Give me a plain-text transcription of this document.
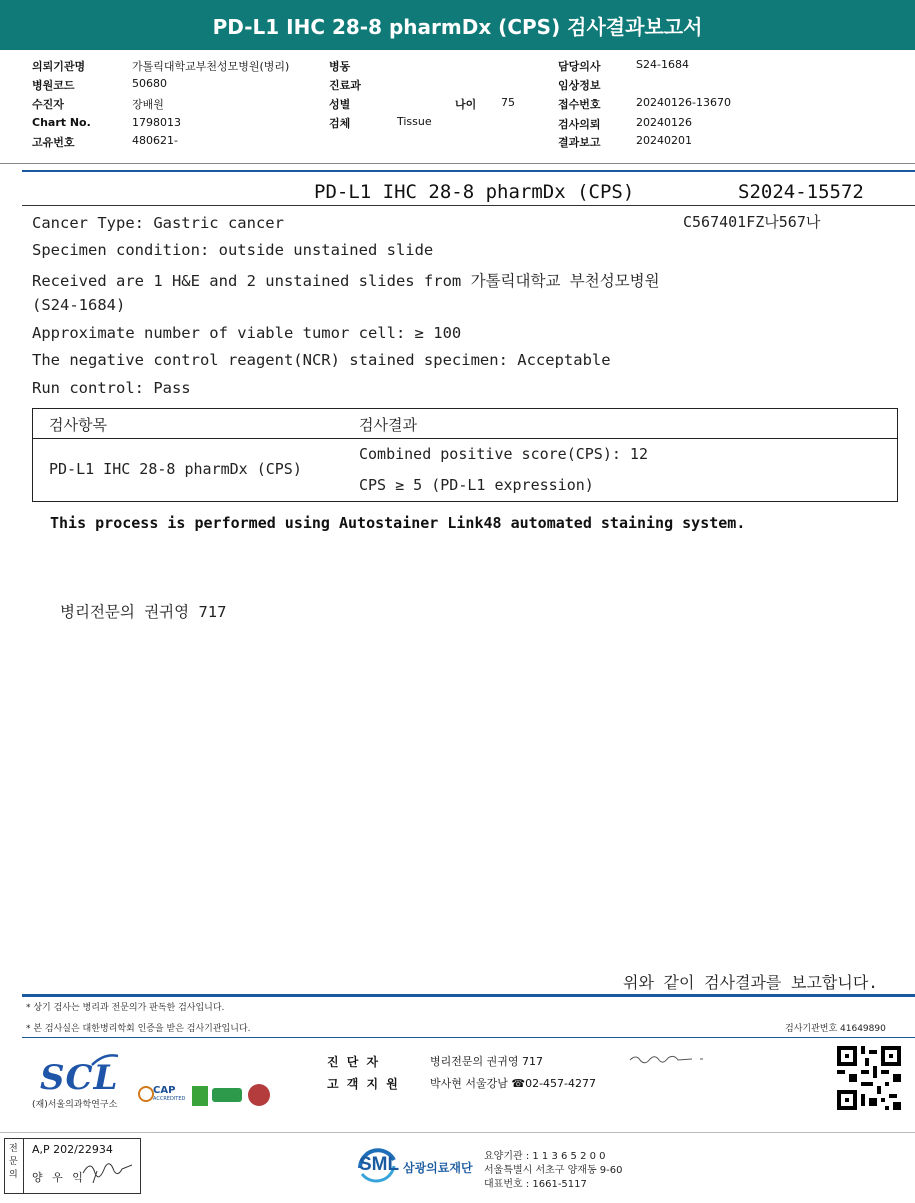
PD-L1 IHC 28-8 pharmDx (CPS) 검사결과보고서
의뢰기관명	가톨릭대학교부천성모병원(병리)
병원코드	50680
수진자	장배원
Chart No.	1798013
고유번호	480621-
병동
진료과
성별
검체	Tissue
나이 75
담당의사	S24-1684
임상정보
접수번호	20240126-13670
검사의뢰	20240126
결과보고	20240201
PD-L1 IHC 28-8 pharmDx (CPS)	S2024-15572
C567401FZ나567나
Cancer Type: Gastric cancer
Specimen condition: outside unstained slide
Received are 1 H&E and 2 unstained slides from 가톨릭대학교 부천성모병원
(S24-1684)
Approximate number of viable tumor cell: ≥ 100
The negative control reagent(NCR) stained specimen: Acceptable
Run control: Pass
검사항목	검사결과
PD-L1 IHC 28-8 pharmDx (CPS)
Combined positive score(CPS): 12
CPS ≥ 5 (PD-L1 expression)
This process is performed using Autostainer Link48 automated staining system.
병리전문의 권귀영 717
위와 같이 검사결과를 보고합니다.
* 상기 검사는 병리과 전문의가 판독한 검사입니다.
* 본 검사실은 대한병리학회 인증을 받은 검사기관입니다.	검사기관번호 41649890
SCL
(재)서울의과학연구소
CAP
ACCREDITED
진 단 자	병리전문의 권귀영 717
고 객 지 원	박사현 서울강남 ☎02-457-4277
전문의
A,P 202/22934
양 우 익
SML 삼광의료재단
요양기관 : 1 1 3 6 5 2 0 0
서울특별시 서초구 양재동 9-60
대표번호 : 1661-5117
